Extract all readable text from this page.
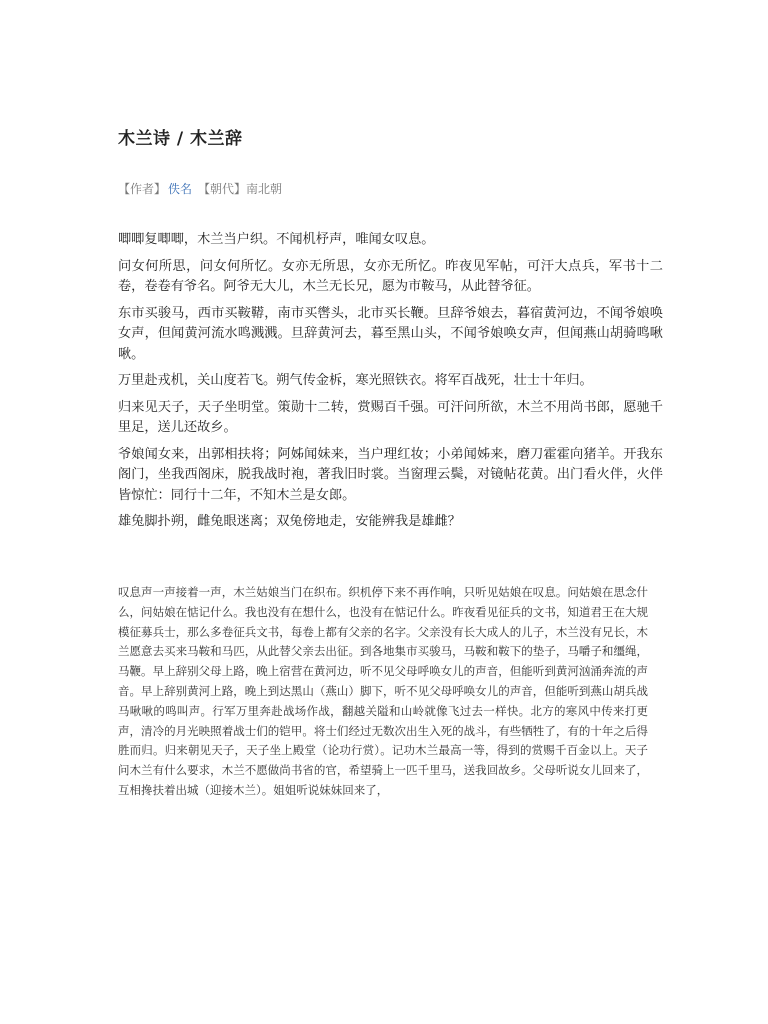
木兰诗 / 木兰辞
【作者】 佚名 【朝代】南北朝

唧唧复唧唧，木兰当户织。不闻机杼声，唯闻女叹息。

问女何所思，问女何所忆。女亦无所思，女亦无所忆。昨夜见军帖，可汗大点兵，军书十二卷，卷卷有爷名。阿爷无大儿，木兰无长兄，愿为市鞍马，从此替爷征。

东市买骏马，西市买鞍鞯，南市买辔头，北市买长鞭。旦辞爷娘去，暮宿黄河边，不闻爷娘唤女声，但闻黄河流水鸣溅溅。旦辞黄河去，暮至黑山头，不闻爷娘唤女声，但闻燕山胡骑鸣啾啾。

万里赴戎机，关山度若飞。朔气传金柝，寒光照铁衣。将军百战死，壮士十年归。

归来见天子，天子坐明堂。策勋十二转，赏赐百千强。可汗问所欲，木兰不用尚书郎，愿驰千里足，送儿还故乡。

爷娘闻女来，出郭相扶将；阿姊闻妹来，当户理红妆；小弟闻姊来，磨刀霍霍向猪羊。开我东阁门，坐我西阁床，脱我战时袍，著我旧时裳。当窗理云鬓，对镜帖花黄。出门看火伴，火伴皆惊忙：同行十二年，不知木兰是女郎。

雄兔脚扑朔，雌兔眼迷离；双兔傍地走，安能辨我是雄雌？

叹息声一声接着一声，木兰姑娘当门在织布。织机停下来不再作响，只听见姑娘在叹息。问姑娘在思念什么，问姑娘在惦记什么。我也没有在想什么，也没有在惦记什么。昨夜看见征兵的文书，知道君王在大规模征募兵士，那么多卷征兵文书，每卷上都有父亲的名字。父亲没有长大成人的儿子，木兰没有兄长，木兰愿意去买来马鞍和马匹，从此替父亲去出征。到各地集市买骏马，马鞍和鞍下的垫子，马嚼子和缰绳，马鞭。早上辞别父母上路，晚上宿营在黄河边，听不见父母呼唤女儿的声音，但能听到黄河汹涌奔流的声音。早上辞别黄河上路，晚上到达黑山（燕山）脚下，听不见父母呼唤女儿的声音，但能听到燕山胡兵战马啾啾的鸣叫声。行军万里奔赴战场作战，翻越关隘和山岭就像飞过去一样快。北方的寒风中传来打更声，清冷的月光映照着战士们的铠甲。将士们经过无数次出生入死的战斗，有些牺牲了，有的十年之后得胜而归。归来朝见天子，天子坐上殿堂（论功行赏）。记功木兰最高一等，得到的赏赐千百金以上。天子问木兰有什么要求，木兰不愿做尚书省的官，希望骑上一匹千里马，送我回故乡。父母听说女儿回来了，互相搀扶着出城（迎接木兰）。姐姐听说妹妹回来了，
